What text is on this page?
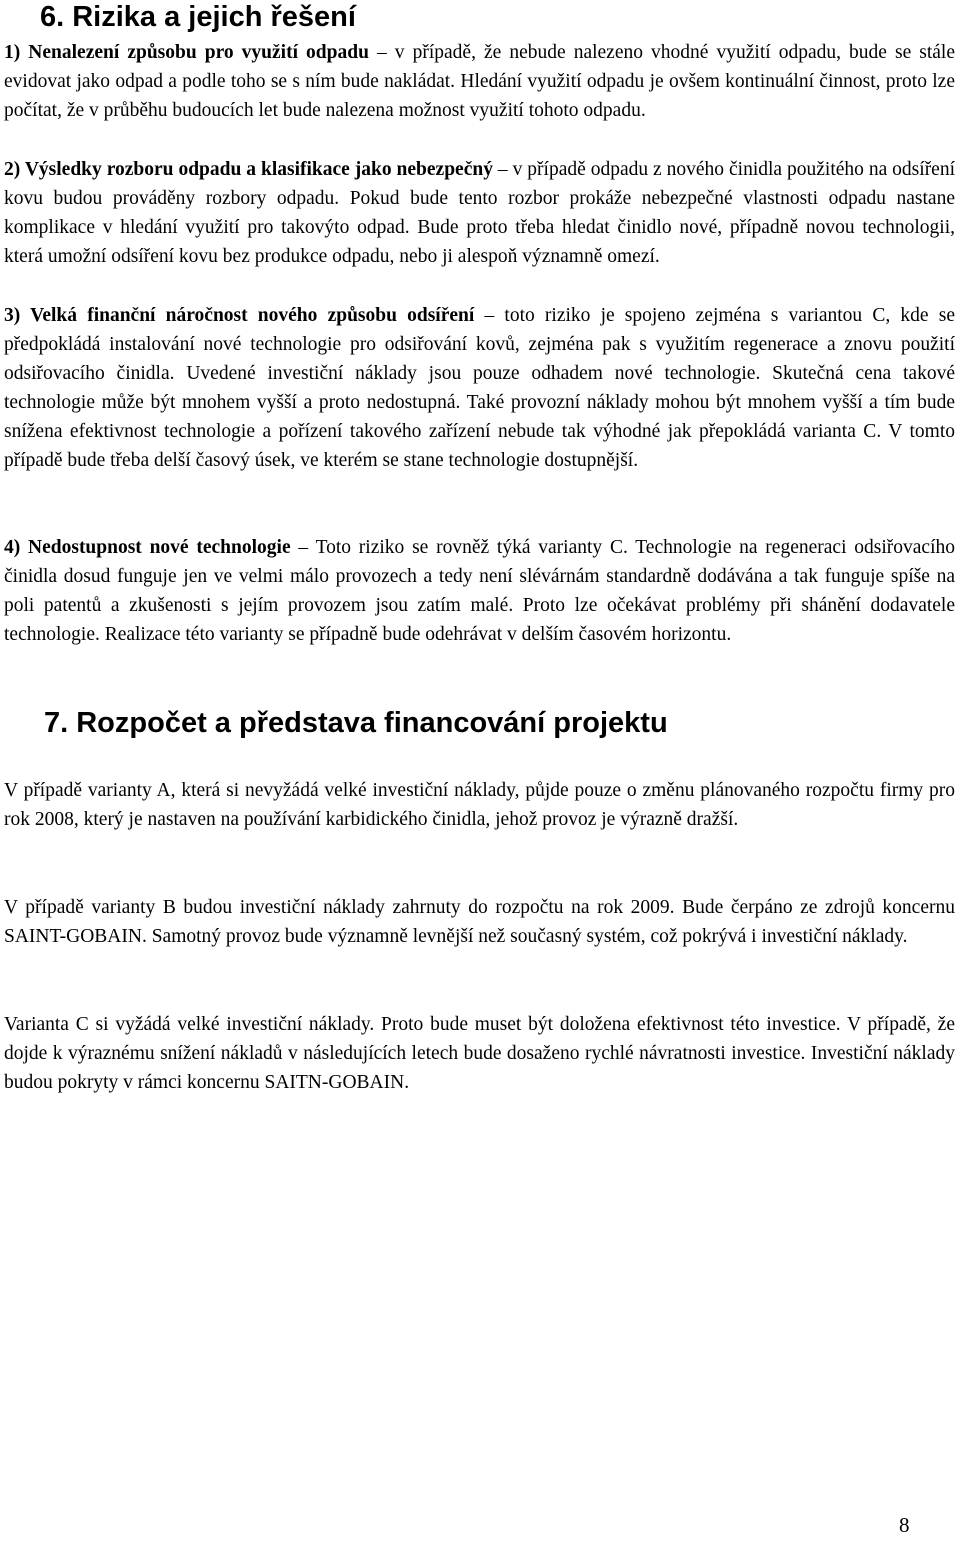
6. Rizika a jejich řešení

1) Nenalezení způsobu pro využití odpadu – v případě, že nebude nalezeno vhodné využití odpadu, bude se stále evidovat jako odpad a podle toho se s ním bude nakládat. Hledání využití odpadu je ovšem kontinuální činnost, proto lze počítat, že v průběhu budoucích let bude nalezena možnost využití tohoto odpadu.

2) Výsledky rozboru odpadu a klasifikace jako nebezpečný – v případě odpadu z nového činidla použitého na odsíření kovu budou prováděny rozbory odpadu. Pokud bude tento rozbor prokáže nebezpečné vlastnosti odpadu nastane komplikace v hledání využití pro takovýto odpad. Bude proto třeba hledat činidlo nové, případně novou technologii, která umožní odsíření kovu bez produkce odpadu, nebo ji alespoň významně omezí.

3) Velká finanční náročnost nového způsobu odsíření – toto riziko je spojeno zejména s variantou C, kde se předpokládá instalování nové technologie pro odsiřování kovů, zejména pak s využitím regenerace a znovu použití odsiřovacího činidla. Uvedené investiční náklady jsou pouze odhadem nové technologie. Skutečná cena takové technologie může být mnohem vyšší a proto nedostupná. Také provozní náklady mohou být mnohem vyšší a tím bude snížena efektivnost technologie a pořízení takového zařízení nebude tak výhodné jak přepokládá varianta C. V tomto případě bude třeba delší časový úsek, ve kterém se stane technologie dostupnější.

4) Nedostupnost nové technologie – Toto riziko se rovněž týká varianty C. Technologie na regeneraci odsiřovacího činidla dosud funguje jen ve velmi málo provozech a tedy není slévárnám standardně dodávána a tak funguje spíše na poli patentů a zkušenosti s jejím provozem jsou zatím malé. Proto lze očekávat problémy při shánění dodavatele technologie. Realizace této varianty se případně bude odehrávat v delším časovém horizontu.

7. Rozpočet a představa financování projektu

V případě varianty A, která si nevyžádá velké investiční náklady, půjde pouze o změnu plánovaného rozpočtu firmy pro rok 2008, který je nastaven na používání karbidického činidla, jehož provoz je výrazně dražší.

V případě varianty B budou investiční náklady zahrnuty do rozpočtu na rok 2009. Bude čerpáno ze zdrojů koncernu SAINT-GOBAIN. Samotný provoz bude významně levnější než současný systém, což pokrývá i investiční náklady.

Varianta C si vyžádá velké investiční náklady. Proto bude muset být doložena efektivnost této investice. V případě, že dojde k výraznému snížení nákladů v následujících letech bude dosaženo rychlé návratnosti investice. Investiční náklady budou pokryty v rámci koncernu SAITN-GOBAIN.

8
